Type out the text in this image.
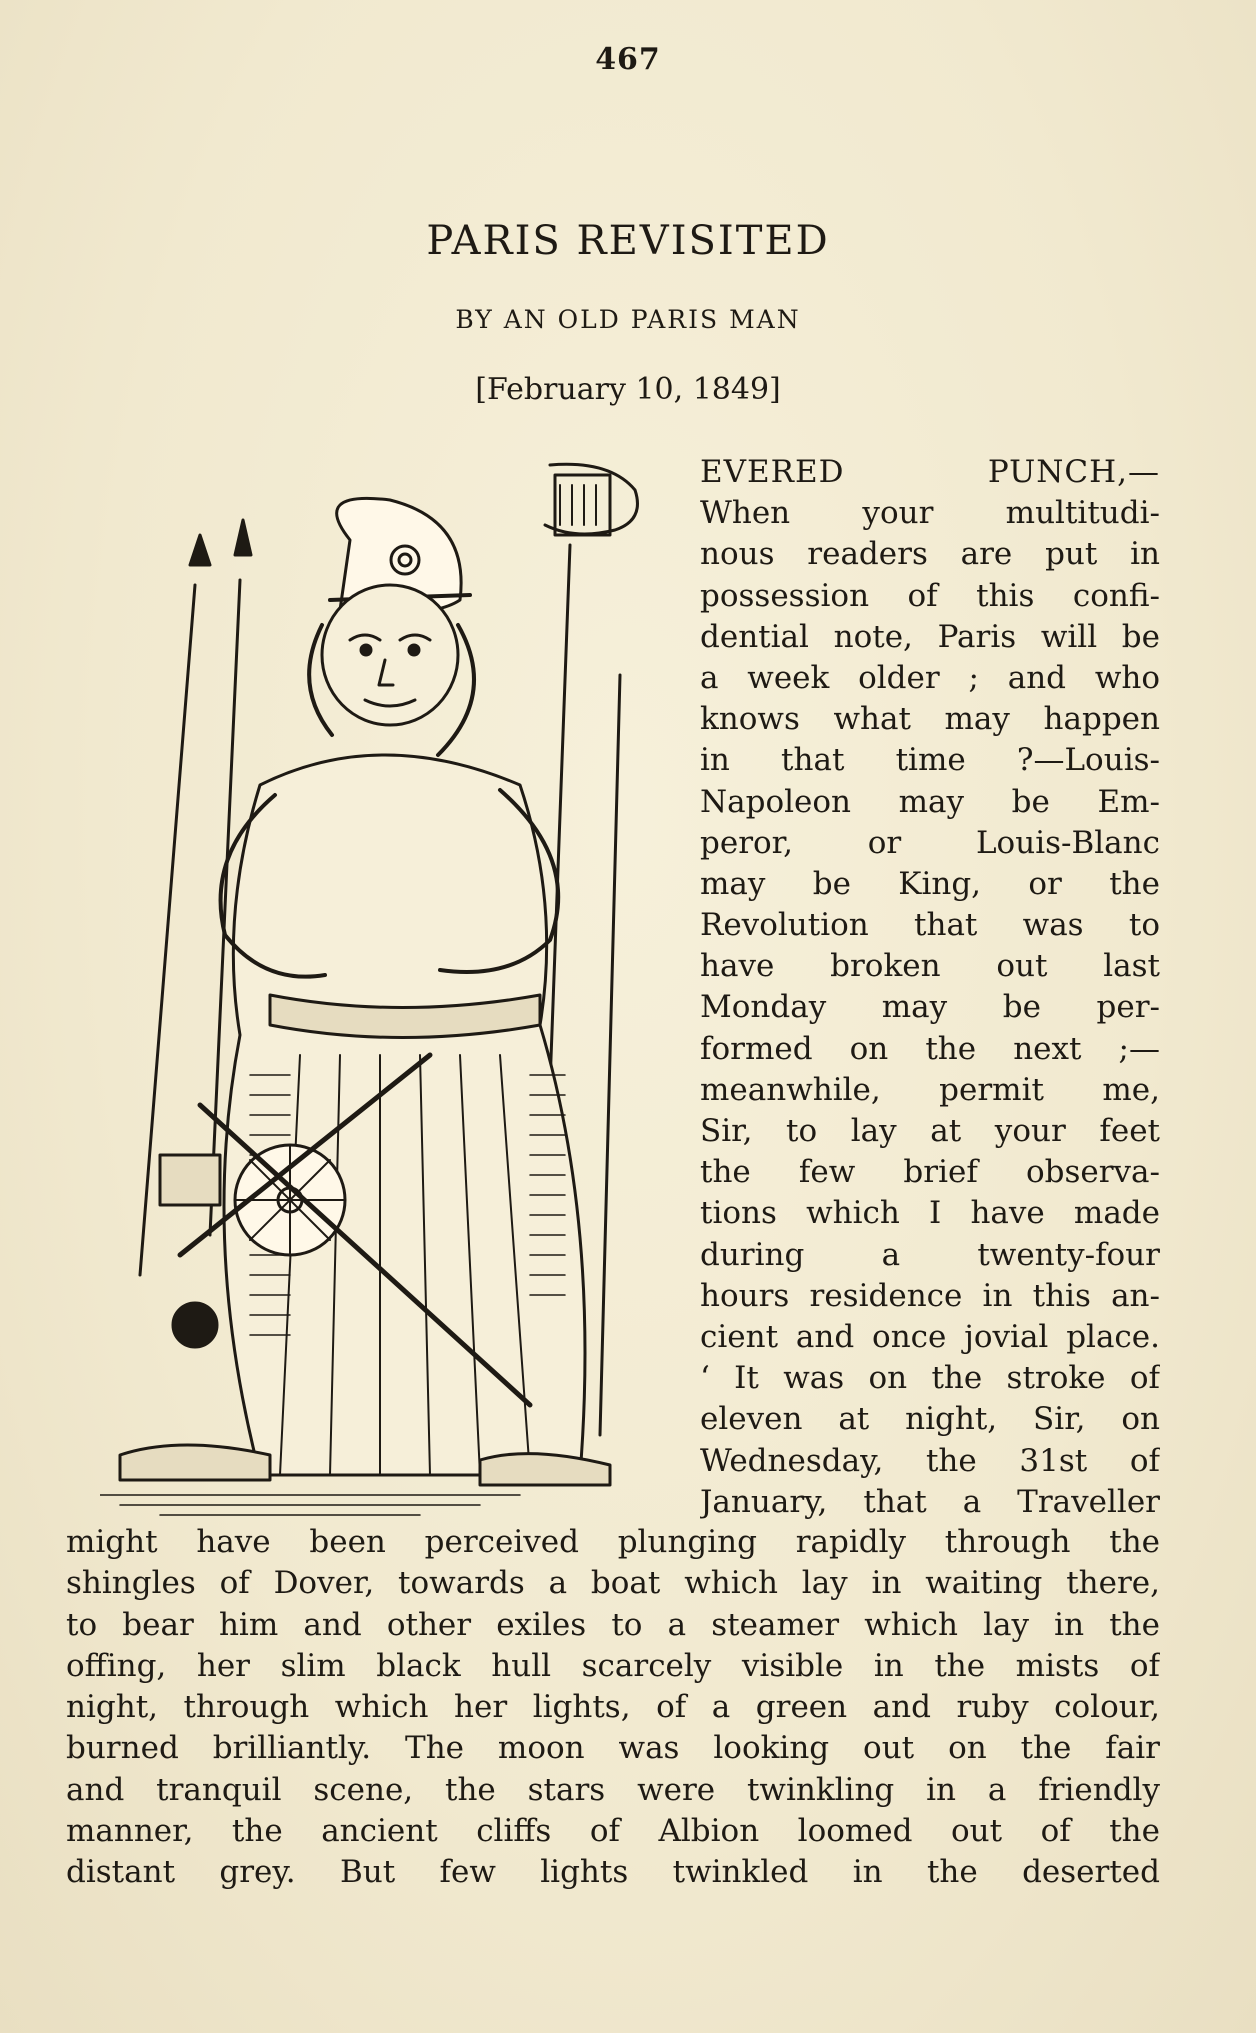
467
PARIS REVISITED
BY AN OLD PARIS MAN
[February 10, 1849]
EVERED PUNCH,—
When your multitudi-
nous readers are put in
possession of this confi-
dential note, Paris will be
a week older ; and who
knows what may happen
in that time ?—Louis-
Napoleon may be Em-
peror, or Louis-Blanc
may be King, or the
Revolution that was to
have broken out last
Monday may be per-
formed on the next ;—
meanwhile, permit me,
Sir, to lay at your feet
the few brief observa-
tions which I have made
during a twenty-four
hours residence in this an-
cient and once jovial place.
‘ It was on the stroke of
eleven at night, Sir, on
Wednesday, the 31st of
January, that a Traveller
might have been perceived plunging rapidly through the
shingles of Dover, towards a boat which lay in waiting there,
to bear him and other exiles to a steamer which lay in the
offing, her slim black hull scarcely visible in the mists of
night, through which her lights, of a green and ruby colour,
burned brilliantly. The moon was looking out on the fair
and tranquil scene, the stars were twinkling in a friendly
manner, the ancient cliffs of Albion loomed out of the
distant grey. But few lights twinkled in the deserted
